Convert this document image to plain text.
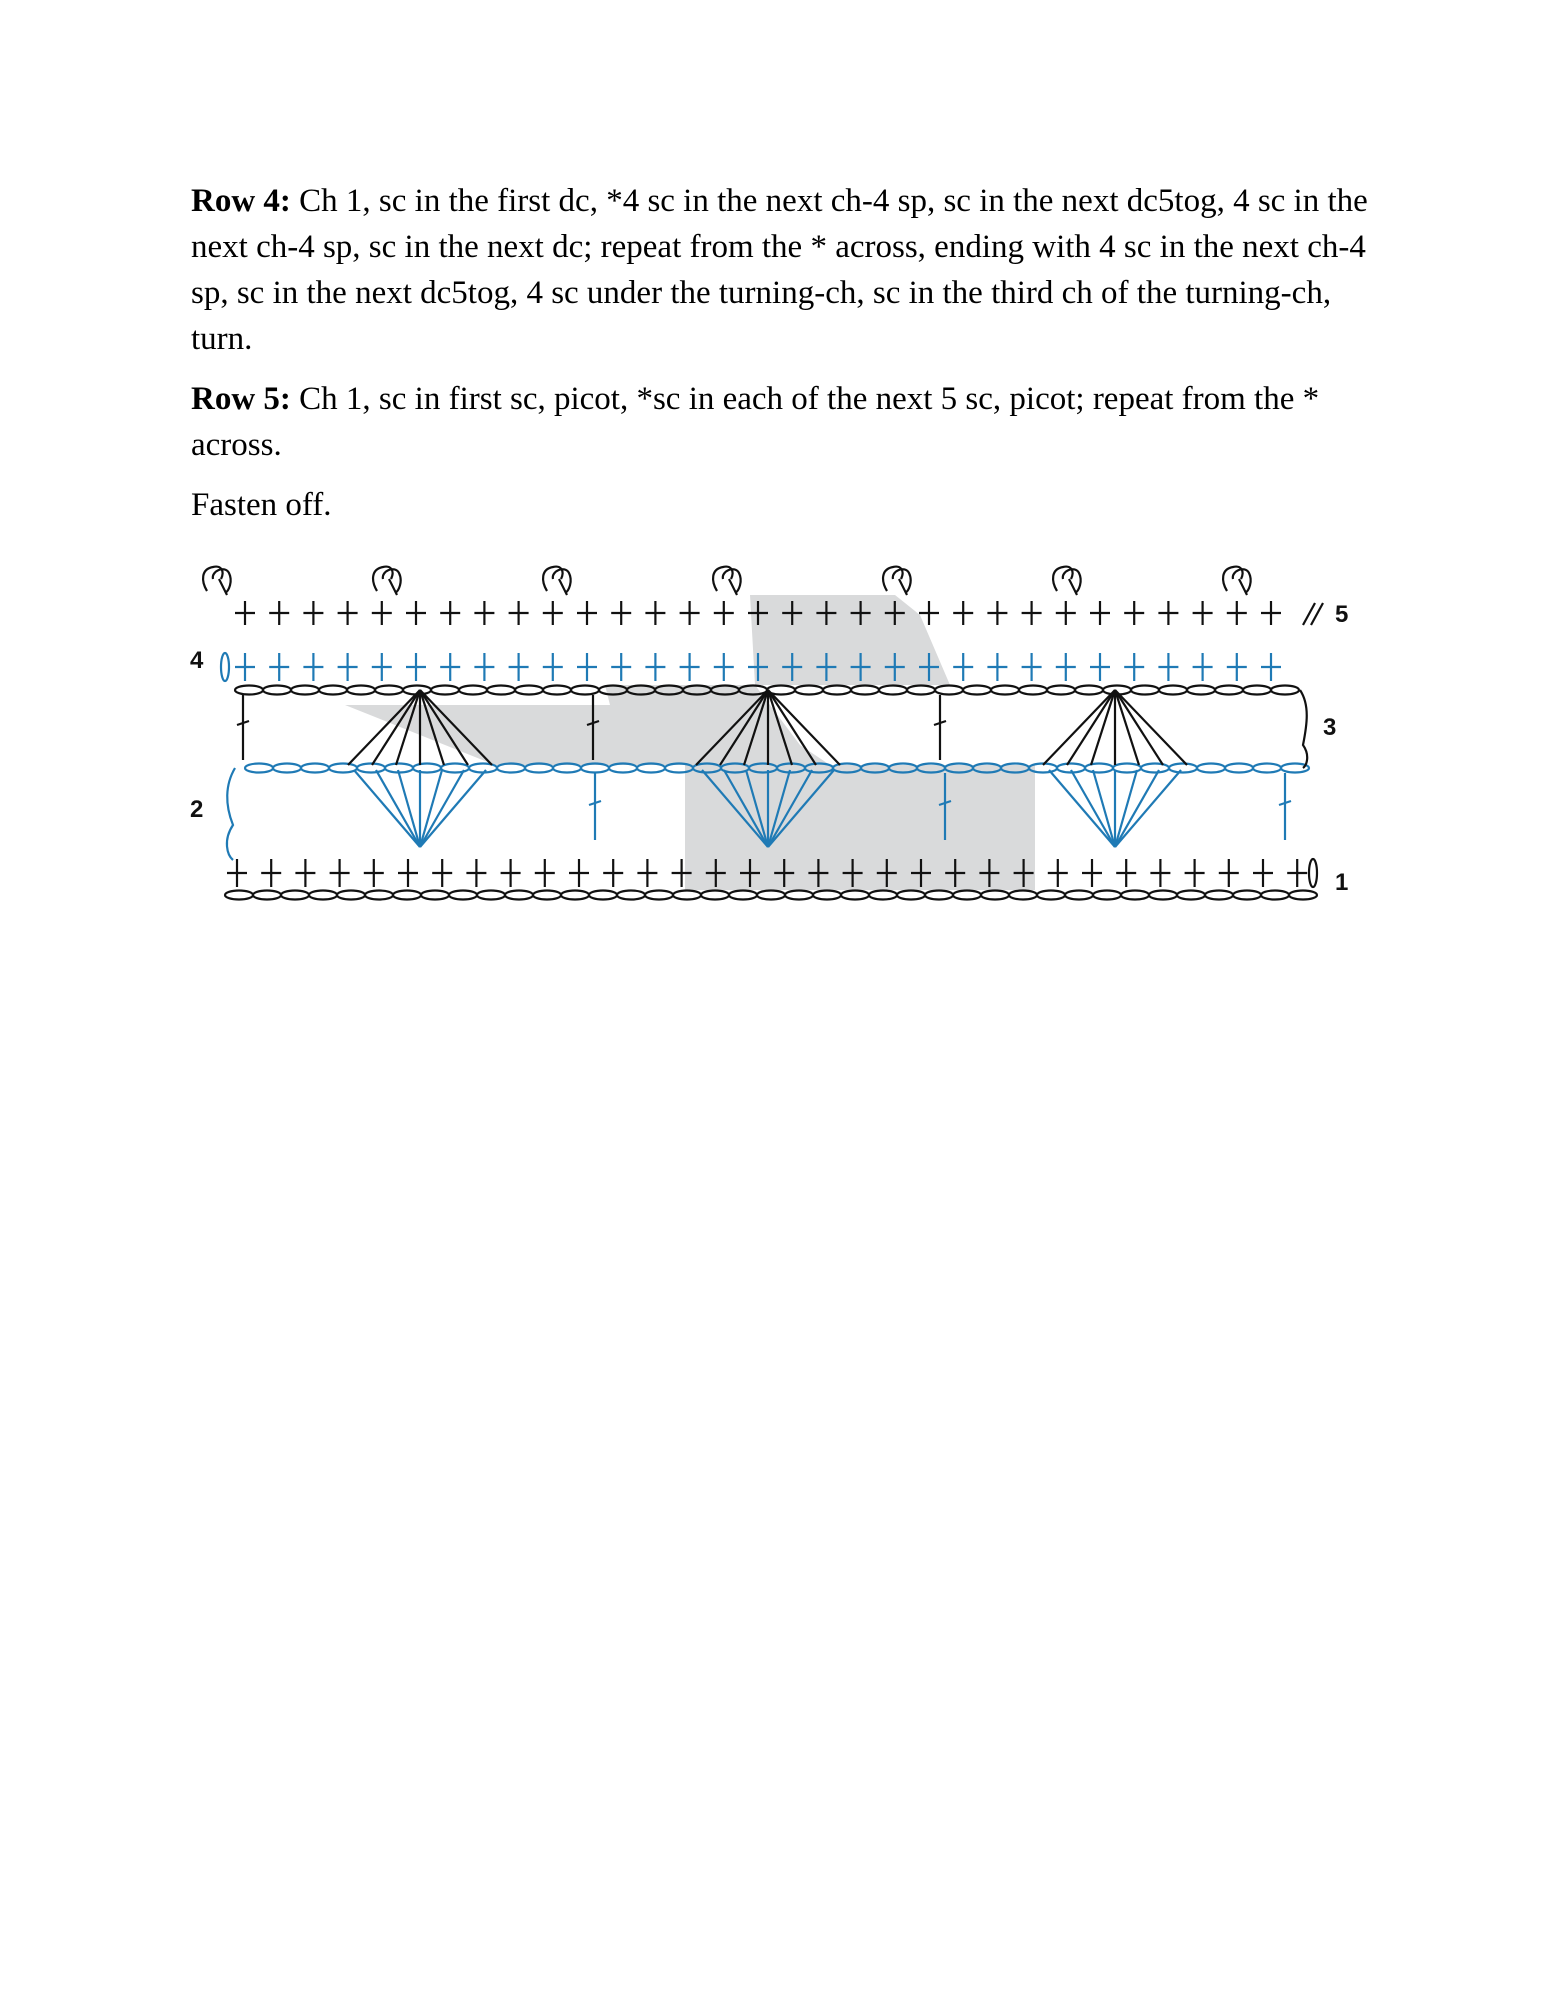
Row 4: Ch 1, sc in the first dc, *4 sc in the next ch-4 sp, sc in the next dc5tog, 4 sc in the next ch-4 sp, sc in the next dc; repeat from the * across, ending with 4 sc in the next ch-4 sp, sc in the next dc5tog, 4 sc under the turning-ch, sc in the third ch of the turning-ch, turn.

Row 5: Ch 1, sc in first sc, picot, *sc in each of the next 5 sc, picot; repeat from the * across.

Fasten off.

5
4
3
2
1
